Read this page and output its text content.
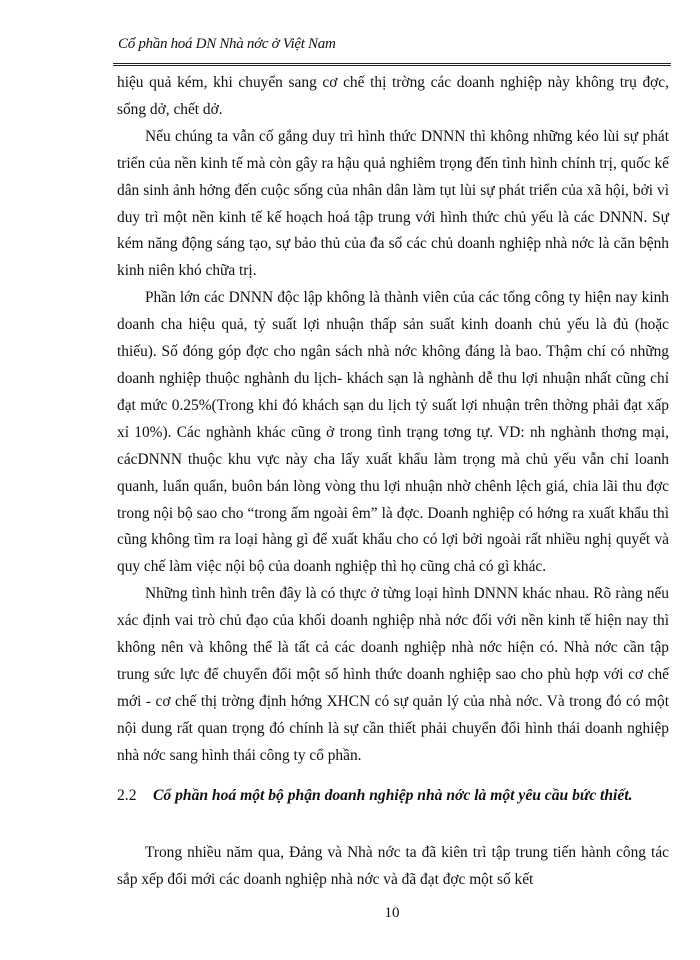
Cổ phần hoá DN Nhà nớc ở Việt Nam

hiệu quả kém, khi chuyển sang cơ chế thị trờng các doanh nghiệp này không trụ đợc, sống dở, chết dở.

Nếu chúng ta vẫn cố gắng duy trì hình thức DNNN thì không những kéo lùi sự phát triển của nền kinh tế mà còn gây ra hậu quả nghiêm trọng đến tình hình chính trị, quốc kế dân sinh ảnh hởng đến cuộc sống của nhân dân làm tụt lùi sự phát triển của xã hội, bởi vì duy trì một nền kinh tế kế hoạch hoá tập trung với hình thức chủ yếu là các DNNN. Sự kém năng động sáng tạo, sự bảo thủ của đa số các chủ doanh nghiệp nhà nớc là căn bệnh kinh niên khó chữa trị.

Phần lớn các DNNN độc lập không là thành viên của các tổng công ty hiện nay kinh doanh cha hiệu quả, tỷ suất lợi nhuận thấp sản suất kinh doanh chủ yếu là đủ (hoặc thiếu). Số đóng góp đợc cho ngân sách nhà nớc không đáng là bao. Thậm chí có những doanh nghiệp thuộc nghành du lịch- khách sạn là nghành dễ thu lợi nhuận nhất cũng chỉ đạt mức 0.25%(Trong khi đó khách sạn du lịch tỷ suất lợi nhuận trên thờng phải đạt xấp xỉ 10%). Các nghành khác cũng ở trong tình trạng tơng tự. VD: nh nghành thơng mại, cácDNNN thuộc khu vực này cha lấy xuất khẩu làm trọng mà chủ yếu vẫn chỉ loanh quanh, luẩn quẩn, buôn bán lòng vòng thu lợi nhuận nhờ chênh lệch giá, chia lãi thu đợc trong nội bộ sao cho “trong ấm ngoài êm” là đợc. Doanh nghiệp có hớng ra xuất khẩu thì cũng không tìm ra loại hàng gì để xuất khẩu cho có lợi bởi ngoài rất nhiều nghị quyết và quy chế làm việc nội bộ của doanh nghiệp thì họ cũng chả có gì khác.

Những tình hình trên đây là có thực ở từng loại hình DNNN khác nhau. Rõ ràng nếu xác định vai trò chủ đạo của khối doanh nghiệp nhà nớc đối với nền kinh tế hiện nay thì không nên và không thể là tất cả các doanh nghiệp nhà nớc hiện có. Nhà nớc cần tập trung sức lực để chuyển đổi một số hình thức doanh nghiệp sao cho phù hợp với cơ chế mới - cơ chế thị trờng định hớng XHCN có sự quản lý của nhà nớc. Và trong đó có một nội dung rất quan trọng đó chính là sự cần thiết phải chuyển đổi hình thái doanh nghiệp nhà nớc sang hình thái công ty cổ phần.

2.2 Cổ phần hoá một bộ phận doanh nghiệp nhà nớc là một yêu cầu bức thiết.

Trong nhiều năm qua, Đảng và Nhà nớc ta đã kiên trì tập trung tiến hành công tác sắp xếp đổi mới các doanh nghiệp nhà nớc và đã đạt đợc một số kết

10
